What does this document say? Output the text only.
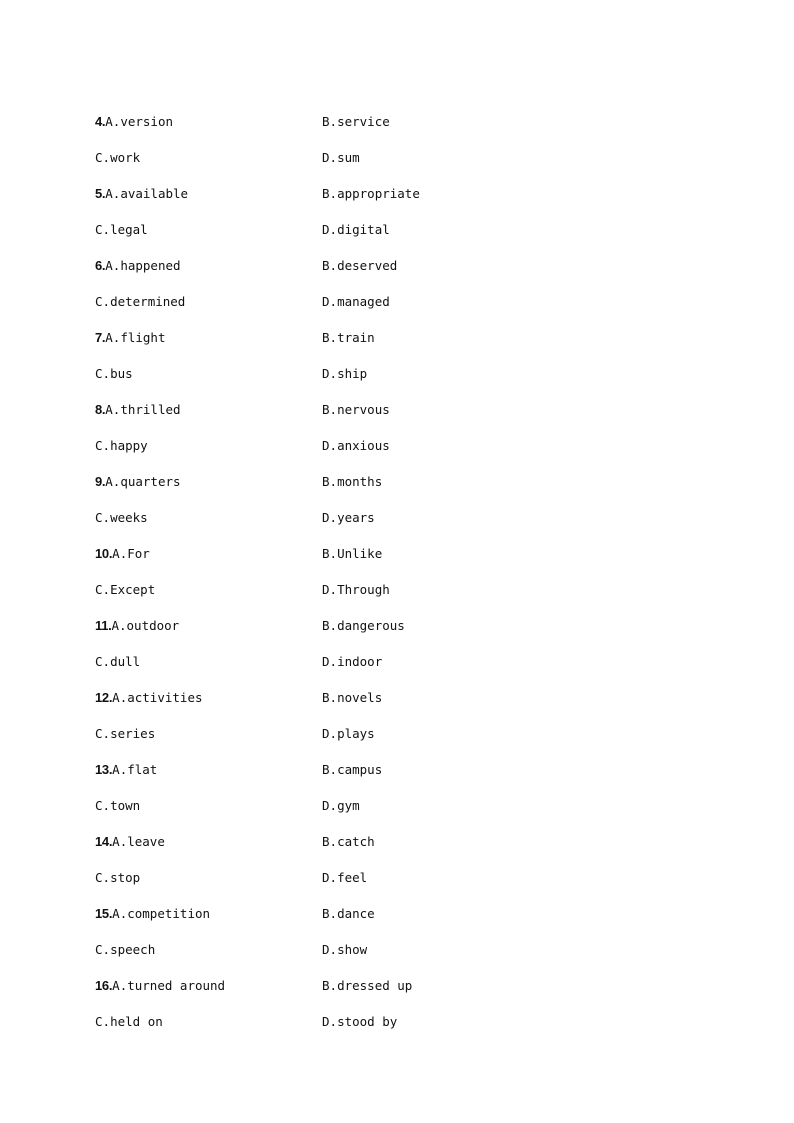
4.A.version	B.service
C.work	D.sum
5.A.available	B.appropriate
C.legal	D.digital
6.A.happened	B.deserved
C.determined	D.managed
7.A.flight	B.train
C.bus	D.ship
8.A.thrilled	B.nervous
C.happy	D.anxious
9.A.quarters	B.months
C.weeks	D.years
10.A.For	B.Unlike
C.Except	D.Through
11.A.outdoor	B.dangerous
C.dull	D.indoor
12.A.activities	B.novels
C.series	D.plays
13.A.flat	B.campus
C.town	D.gym
14.A.leave	B.catch
C.stop	D.feel
15.A.competition	B.dance
C.speech	D.show
16.A.turned around	B.dressed up
C.held on	D.stood by
